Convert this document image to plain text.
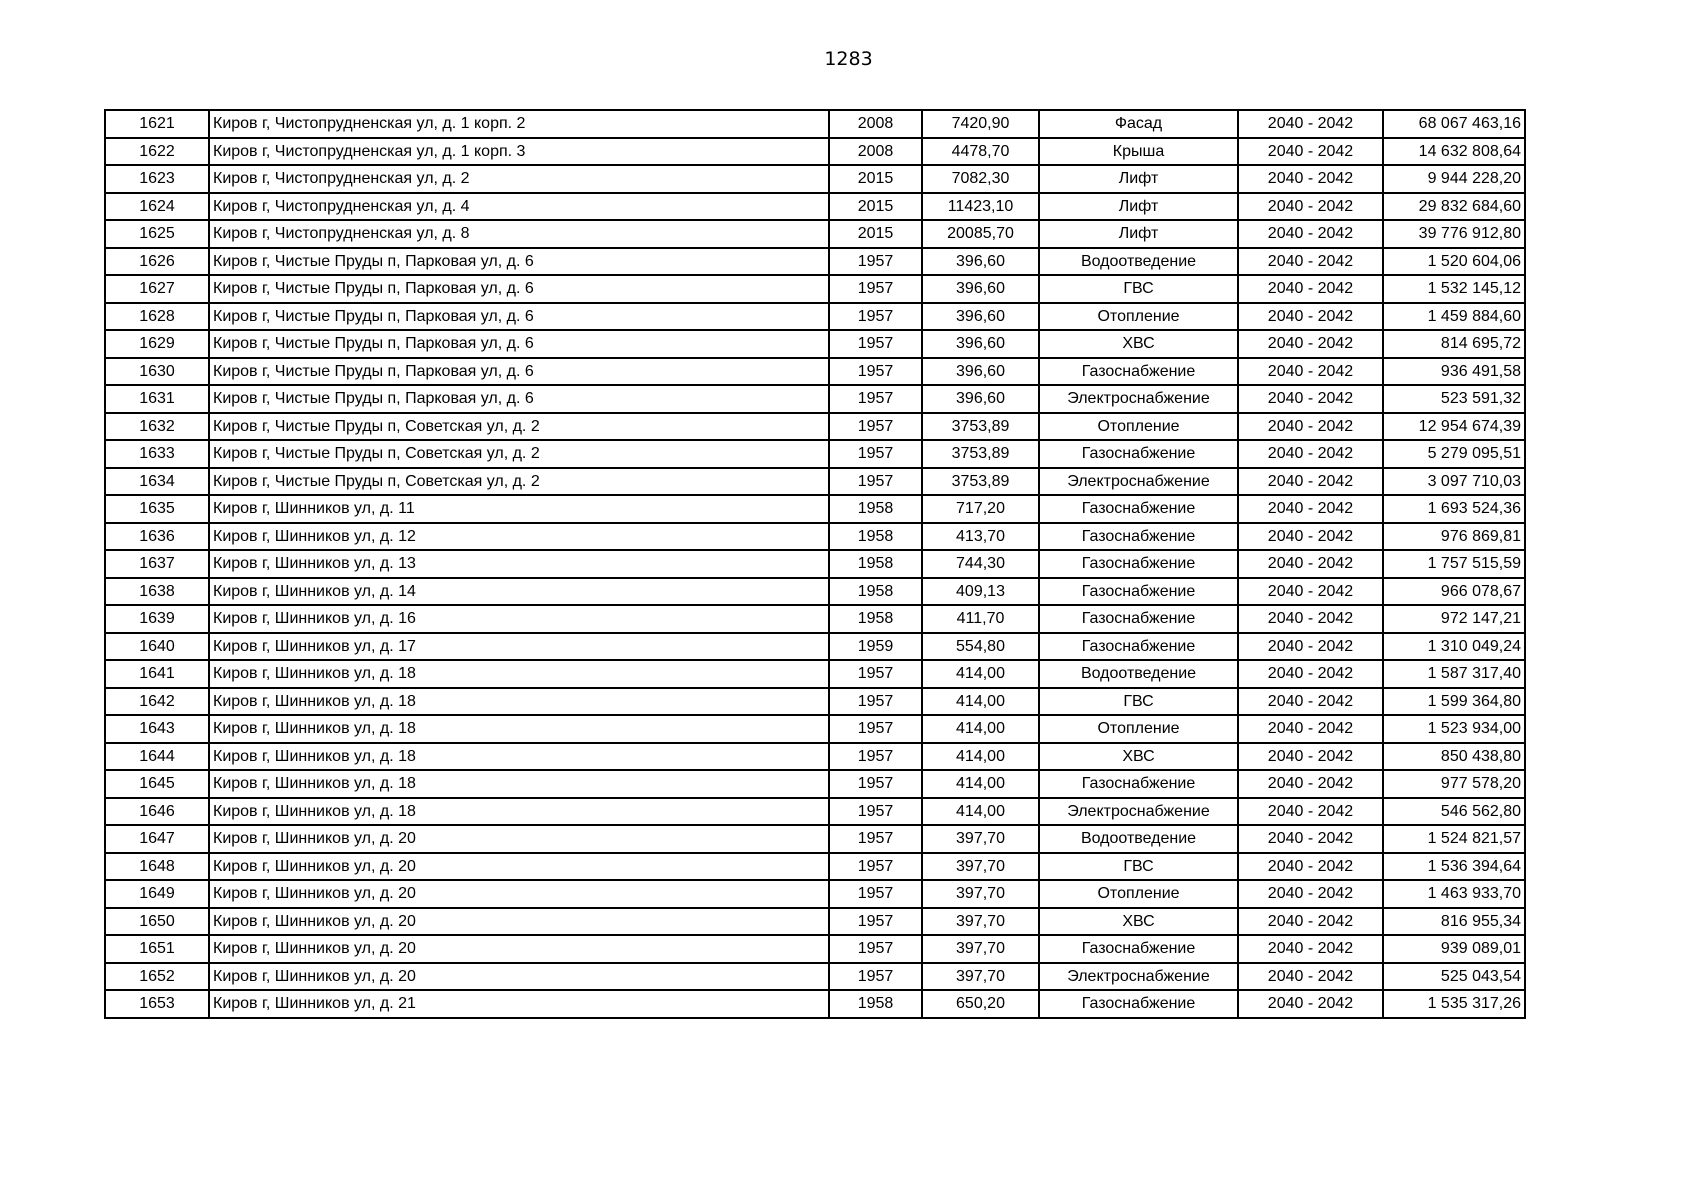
1283
1621	Киров г, Чистопрудненская ул, д. 1 корп. 2	2008	7420,90	Фасад	2040 - 2042	68 067 463,16
1622	Киров г, Чистопрудненская ул, д. 1 корп. 3	2008	4478,70	Крыша	2040 - 2042	14 632 808,64
1623	Киров г, Чистопрудненская ул, д. 2	2015	7082,30	Лифт	2040 - 2042	9 944 228,20
1624	Киров г, Чистопрудненская ул, д. 4	2015	11423,10	Лифт	2040 - 2042	29 832 684,60
1625	Киров г, Чистопрудненская ул, д. 8	2015	20085,70	Лифт	2040 - 2042	39 776 912,80
1626	Киров г, Чистые Пруды п, Парковая ул, д. 6	1957	396,60	Водоотведение	2040 - 2042	1 520 604,06
1627	Киров г, Чистые Пруды п, Парковая ул, д. 6	1957	396,60	ГВС	2040 - 2042	1 532 145,12
1628	Киров г, Чистые Пруды п, Парковая ул, д. 6	1957	396,60	Отопление	2040 - 2042	1 459 884,60
1629	Киров г, Чистые Пруды п, Парковая ул, д. 6	1957	396,60	ХВС	2040 - 2042	814 695,72
1630	Киров г, Чистые Пруды п, Парковая ул, д. 6	1957	396,60	Газоснабжение	2040 - 2042	936 491,58
1631	Киров г, Чистые Пруды п, Парковая ул, д. 6	1957	396,60	Электроснабжение	2040 - 2042	523 591,32
1632	Киров г, Чистые Пруды п, Советская ул, д. 2	1957	3753,89	Отопление	2040 - 2042	12 954 674,39
1633	Киров г, Чистые Пруды п, Советская ул, д. 2	1957	3753,89	Газоснабжение	2040 - 2042	5 279 095,51
1634	Киров г, Чистые Пруды п, Советская ул, д. 2	1957	3753,89	Электроснабжение	2040 - 2042	3 097 710,03
1635	Киров г, Шинников ул, д. 11	1958	717,20	Газоснабжение	2040 - 2042	1 693 524,36
1636	Киров г, Шинников ул, д. 12	1958	413,70	Газоснабжение	2040 - 2042	976 869,81
1637	Киров г, Шинников ул, д. 13	1958	744,30	Газоснабжение	2040 - 2042	1 757 515,59
1638	Киров г, Шинников ул, д. 14	1958	409,13	Газоснабжение	2040 - 2042	966 078,67
1639	Киров г, Шинников ул, д. 16	1958	411,70	Газоснабжение	2040 - 2042	972 147,21
1640	Киров г, Шинников ул, д. 17	1959	554,80	Газоснабжение	2040 - 2042	1 310 049,24
1641	Киров г, Шинников ул, д. 18	1957	414,00	Водоотведение	2040 - 2042	1 587 317,40
1642	Киров г, Шинников ул, д. 18	1957	414,00	ГВС	2040 - 2042	1 599 364,80
1643	Киров г, Шинников ул, д. 18	1957	414,00	Отопление	2040 - 2042	1 523 934,00
1644	Киров г, Шинников ул, д. 18	1957	414,00	ХВС	2040 - 2042	850 438,80
1645	Киров г, Шинников ул, д. 18	1957	414,00	Газоснабжение	2040 - 2042	977 578,20
1646	Киров г, Шинников ул, д. 18	1957	414,00	Электроснабжение	2040 - 2042	546 562,80
1647	Киров г, Шинников ул, д. 20	1957	397,70	Водоотведение	2040 - 2042	1 524 821,57
1648	Киров г, Шинников ул, д. 20	1957	397,70	ГВС	2040 - 2042	1 536 394,64
1649	Киров г, Шинников ул, д. 20	1957	397,70	Отопление	2040 - 2042	1 463 933,70
1650	Киров г, Шинников ул, д. 20	1957	397,70	ХВС	2040 - 2042	816 955,34
1651	Киров г, Шинников ул, д. 20	1957	397,70	Газоснабжение	2040 - 2042	939 089,01
1652	Киров г, Шинников ул, д. 20	1957	397,70	Электроснабжение	2040 - 2042	525 043,54
1653	Киров г, Шинников ул, д. 21	1958	650,20	Газоснабжение	2040 - 2042	1 535 317,26
